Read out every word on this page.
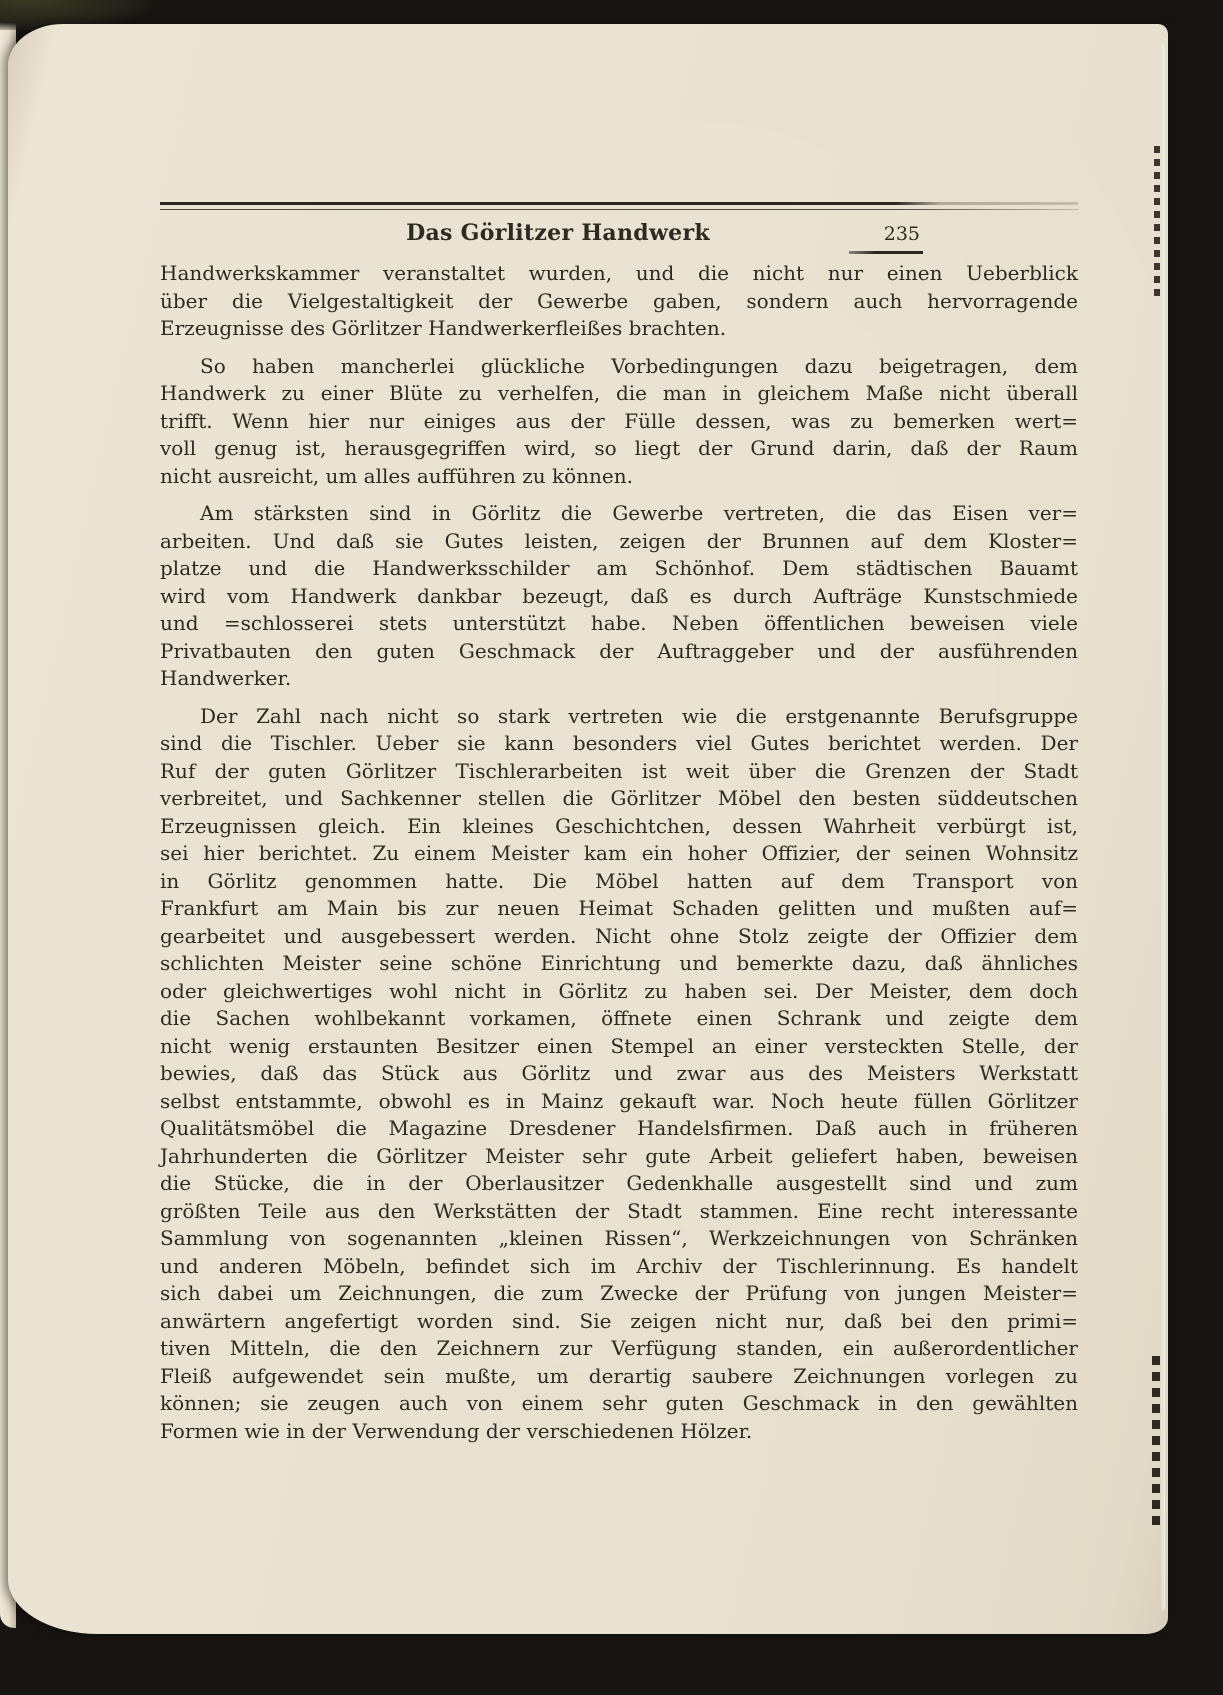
Das Görlitzer Handwerk	235
Handwerkskammer veranstaltet wurden, und die nicht nur einen Ueberblick
über die Vielgestaltigkeit der Gewerbe gaben, sondern auch hervorragende
Erzeugnisse des Görlitzer Handwerkerfleißes brachten.
So haben mancherlei glückliche Vorbedingungen dazu beigetragen, dem
Handwerk zu einer Blüte zu verhelfen, die man in gleichem Maße nicht überall
trifft. Wenn hier nur einiges aus der Fülle dessen, was zu bemerken wert=
voll genug ist, herausgegriffen wird, so liegt der Grund darin, daß der Raum
nicht ausreicht, um alles aufführen zu können.
Am stärksten sind in Görlitz die Gewerbe vertreten, die das Eisen ver=
arbeiten. Und daß sie Gutes leisten, zeigen der Brunnen auf dem Kloster=
platze und die Handwerksschilder am Schönhof. Dem städtischen Bauamt
wird vom Handwerk dankbar bezeugt, daß es durch Aufträge Kunstschmiede
und =schlosserei stets unterstützt habe. Neben öffentlichen beweisen viele
Privatbauten den guten Geschmack der Auftraggeber und der ausführenden
Handwerker.
Der Zahl nach nicht so stark vertreten wie die erstgenannte Berufsgruppe
sind die Tischler. Ueber sie kann besonders viel Gutes berichtet werden. Der
Ruf der guten Görlitzer Tischlerarbeiten ist weit über die Grenzen der Stadt
verbreitet, und Sachkenner stellen die Görlitzer Möbel den besten süddeutschen
Erzeugnissen gleich. Ein kleines Geschichtchen, dessen Wahrheit verbürgt ist,
sei hier berichtet. Zu einem Meister kam ein hoher Offizier, der seinen Wohnsitz
in Görlitz genommen hatte. Die Möbel hatten auf dem Transport von
Frankfurt am Main bis zur neuen Heimat Schaden gelitten und mußten auf=
gearbeitet und ausgebessert werden. Nicht ohne Stolz zeigte der Offizier dem
schlichten Meister seine schöne Einrichtung und bemerkte dazu, daß ähnliches
oder gleichwertiges wohl nicht in Görlitz zu haben sei. Der Meister, dem doch
die Sachen wohlbekannt vorkamen, öffnete einen Schrank und zeigte dem
nicht wenig erstaunten Besitzer einen Stempel an einer versteckten Stelle, der
bewies, daß das Stück aus Görlitz und zwar aus des Meisters Werkstatt
selbst entstammte, obwohl es in Mainz gekauft war. Noch heute füllen Görlitzer
Qualitätsmöbel die Magazine Dresdener Handelsfirmen. Daß auch in früheren
Jahrhunderten die Görlitzer Meister sehr gute Arbeit geliefert haben, beweisen
die Stücke, die in der Oberlausitzer Gedenkhalle ausgestellt sind und zum
größten Teile aus den Werkstätten der Stadt stammen. Eine recht interessante
Sammlung von sogenannten „kleinen Rissen“, Werkzeichnungen von Schränken
und anderen Möbeln, befindet sich im Archiv der Tischlerinnung. Es handelt
sich dabei um Zeichnungen, die zum Zwecke der Prüfung von jungen Meister=
anwärtern angefertigt worden sind. Sie zeigen nicht nur, daß bei den primi=
tiven Mitteln, die den Zeichnern zur Verfügung standen, ein außerordentlicher
Fleiß aufgewendet sein mußte, um derartig saubere Zeichnungen vorlegen zu
können; sie zeugen auch von einem sehr guten Geschmack in den gewählten
Formen wie in der Verwendung der verschiedenen Hölzer.
